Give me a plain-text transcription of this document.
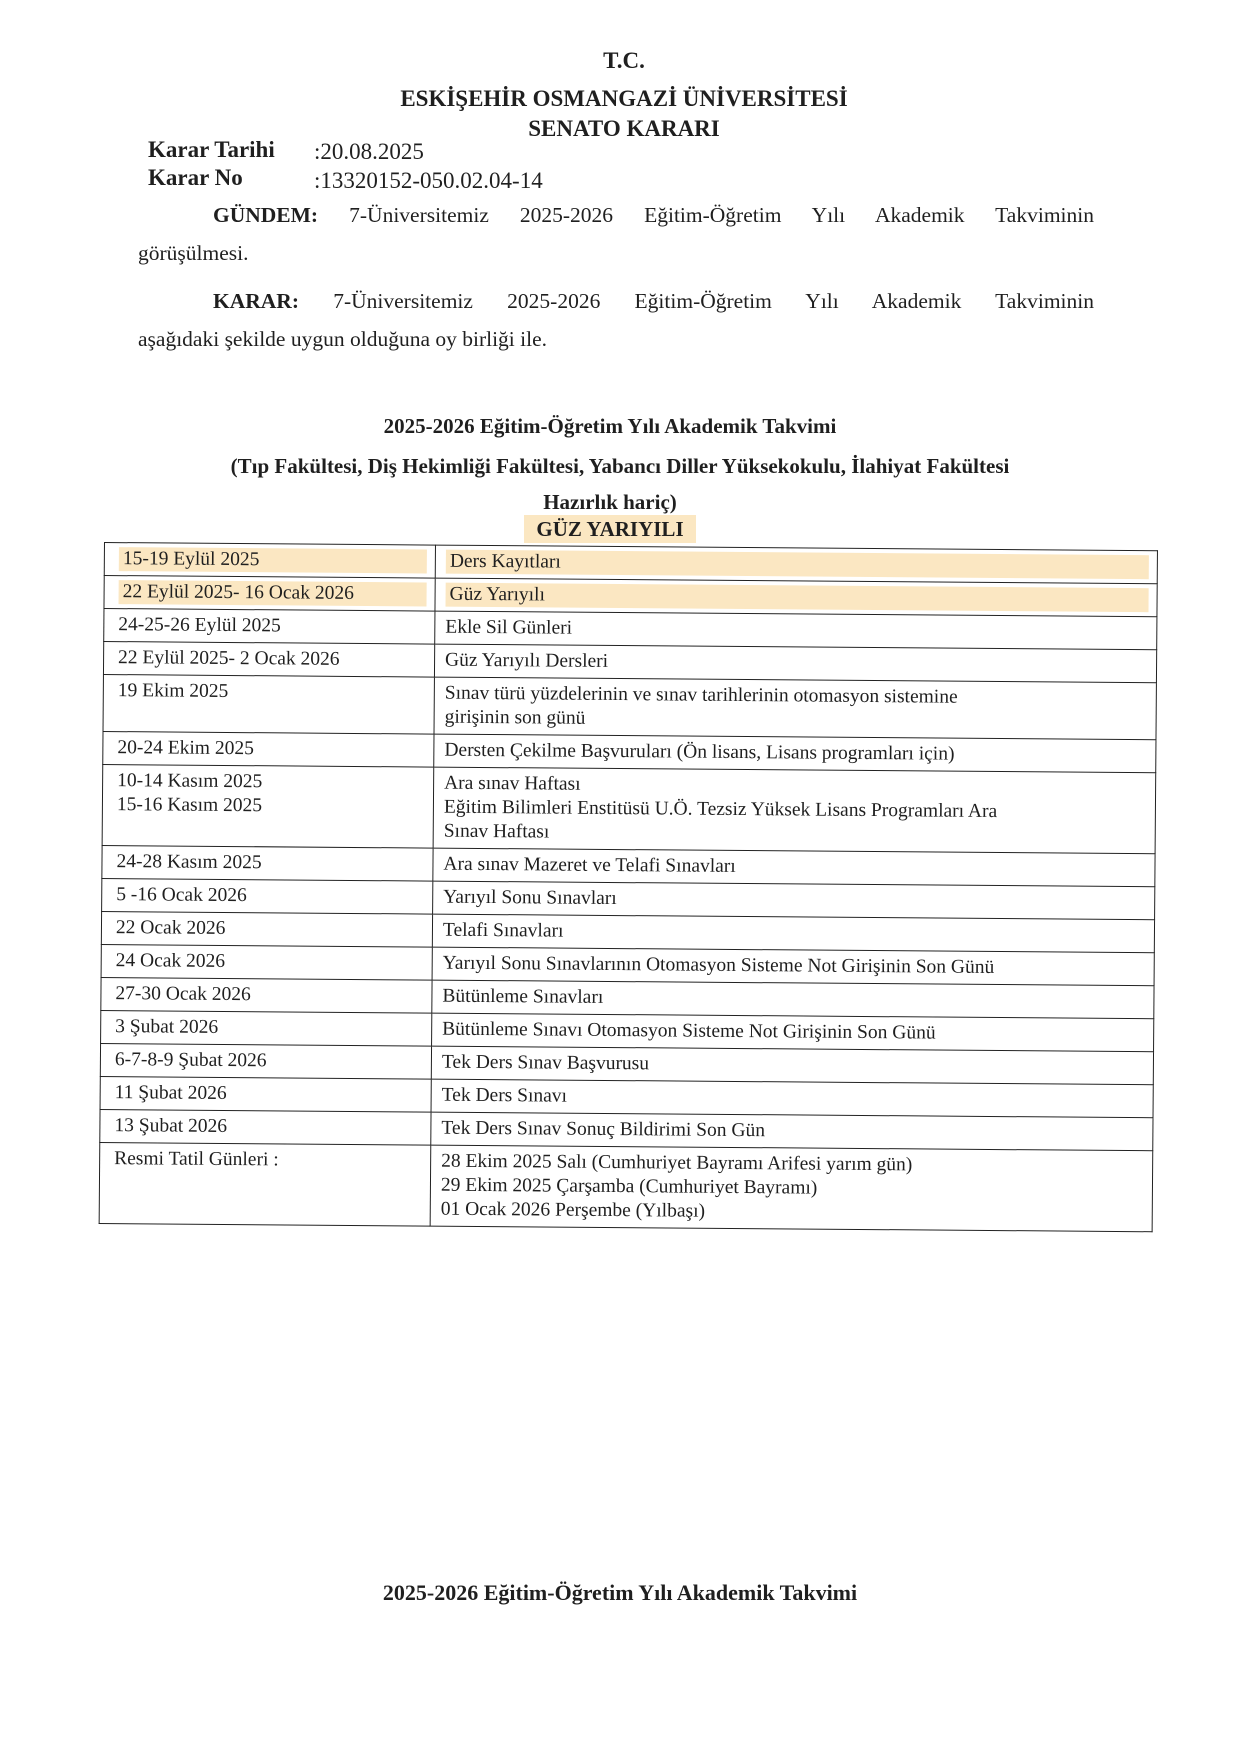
T.C.
ESKİŞEHİR OSMANGAZİ ÜNİVERSİTESİ
SENATO KARARI
Karar Tarihi :20.08.2025
Karar No	:13320152-050.02.04-14
GÜNDEM: 7-Üniversitemiz 2025-2026 Eğitim-Öğretim Yılı Akademik Takviminin
görüşülmesi.
KARAR: 7-Üniversitemiz 2025-2026 Eğitim-Öğretim Yılı Akademik Takviminin
aşağıdaki şekilde uygun olduğuna oy birliği ile.
2025-2026 Eğitim-Öğretim Yılı Akademik Takvimi
(Tıp Fakültesi, Diş Hekimliği Fakültesi, Yabancı Diller Yüksekokulu, İlahiyat Fakültesi
Hazırlık hariç)
GÜZ YARIYILI
15-19 Eylül 2025	Ders Kayıtları

22 Eylül 2025- 16 Ocak 2026	Güz Yarıyılı

24-25-26 Eylül 2025	Ekle Sil Günleri

22 Eylül 2025- 2 Ocak 2026	Güz Yarıyılı Dersleri

19 Ekim 2025	Sınav türü yüzdelerinin ve sınav tarihlerinin otomasyon sistemine
girişinin son günü

20-24 Ekim 2025	Dersten Çekilme Başvuruları (Ön lisans, Lisans programları için)

10-14 Kasım 2025
15-16 Kasım 2025	Ara sınav Haftası
Eğitim Bilimleri Enstitüsü U.Ö. Tezsiz Yüksek Lisans Programları Ara
Sınav Haftası

24-28 Kasım 2025	Ara sınav Mazeret ve Telafi Sınavları

5 -16 Ocak 2026	Yarıyıl Sonu Sınavları

22 Ocak 2026	Telafi Sınavları

24 Ocak 2026	Yarıyıl Sonu Sınavlarının Otomasyon Sisteme Not Girişinin Son Günü

27-30 Ocak 2026	Bütünleme Sınavları

3 Şubat 2026	Bütünleme Sınavı Otomasyon Sisteme Not Girişinin Son Günü

6-7-8-9 Şubat 2026	Tek Ders Sınav Başvurusu

11 Şubat 2026	Tek Ders Sınavı

13 Şubat 2026	Tek Ders Sınav Sonuç Bildirimi Son Gün

Resmi Tatil Günleri :	28 Ekim 2025 Salı (Cumhuriyet Bayramı Arifesi yarım gün)
29 Ekim 2025 Çarşamba (Cumhuriyet Bayramı)
01 Ocak 2026 Perşembe (Yılbaşı)
2025-2026 Eğitim-Öğretim Yılı Akademik Takvimi
